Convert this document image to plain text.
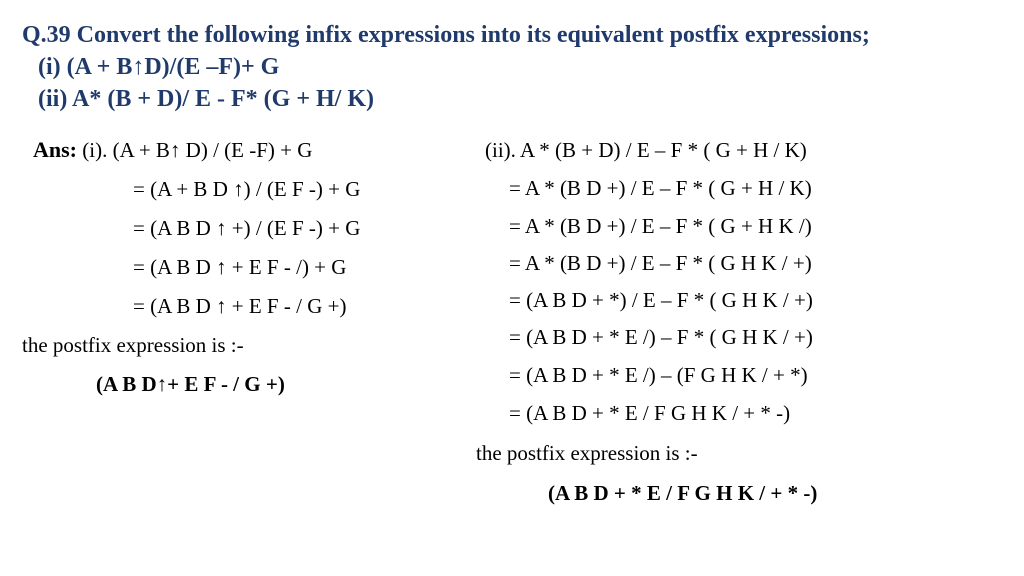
Q.39 Convert the following infix expressions into its equivalent postfix expressions;
(i) (A + B↑D)/(E –F)+ G
(ii) A* (B + D)/ E - F* (G + H/ K)
Ans: (i). (A + B↑ D) / (E -F) + G
= (A + B D ↑) / (E F -) + G
= (A B D ↑ +) / (E F -) + G
= (A B D ↑ + E F - /) + G
= (A B D ↑ + E F - / G +)
the postfix expression is :-
(A B D↑+ E F - / G +)
(ii). A * (B + D) / E – F * ( G + H / K)
= A * (B D +) / E – F * ( G + H / K)
= A * (B D +) / E – F * ( G + H K /)
= A * (B D +) / E – F * ( G H K / +)
= (A B D + *) / E – F * ( G H K / +)
= (A B D + * E /) – F * ( G H K / +)
= (A B D + * E /) – (F G H K / + *)
= (A B D + * E / F G H K / + * -)
the postfix expression is :-
(A B D + * E / F G H K / + * -)
